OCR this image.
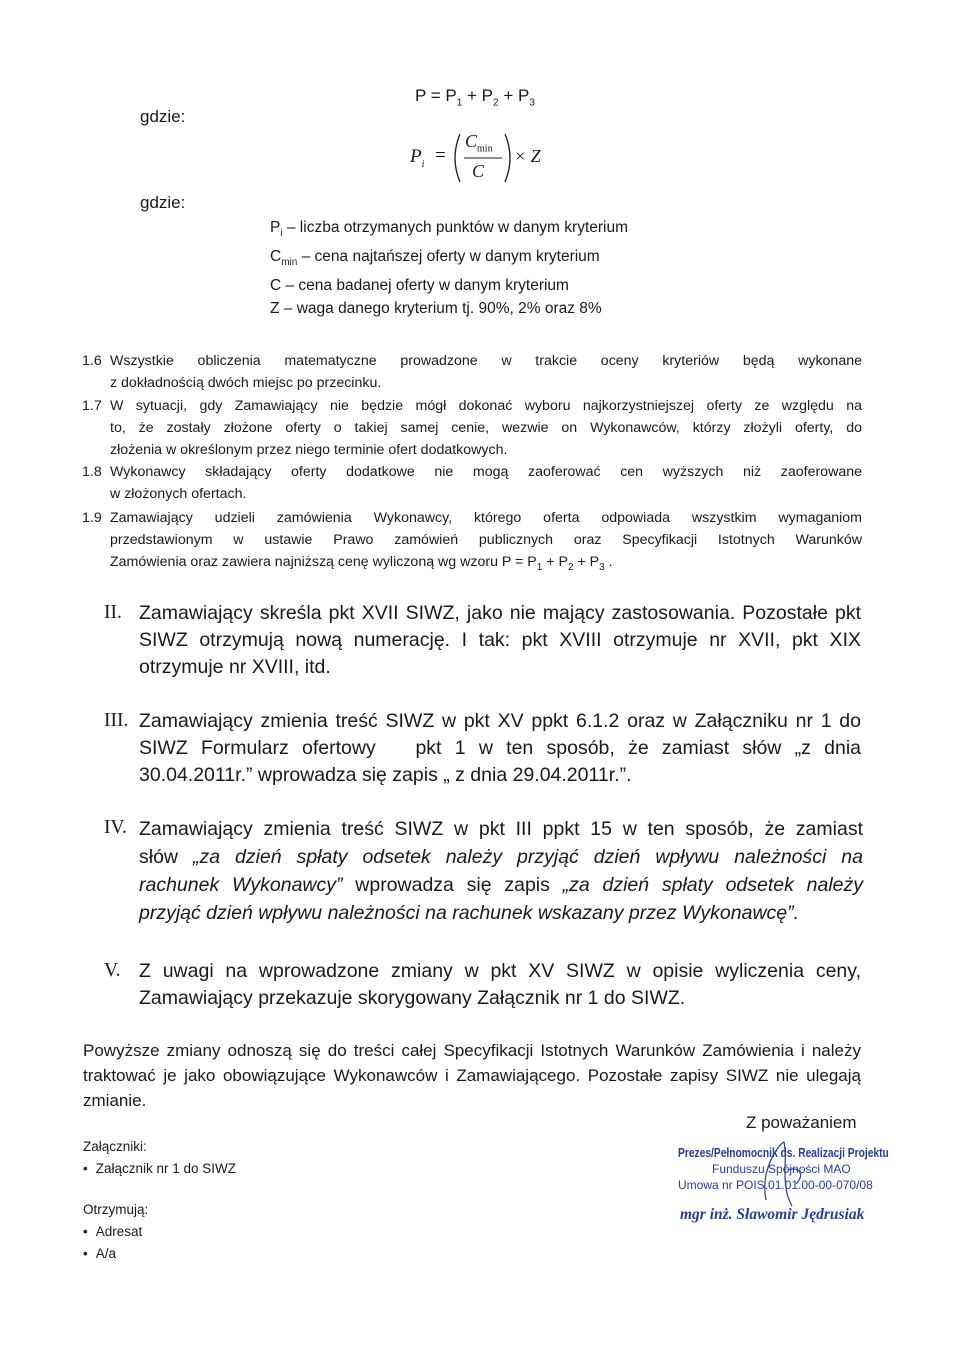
gdzie:
gdzie:
$P = P_1 + P_2 + P_3$
$P_i$ =
$C_{min}$
C
× Z
$P_i$ – liczba otrzymanych punktów w danym kryterium
$C_{min}$ – cena najtańszej oferty w danym kryterium
C – cena badanej oferty w danym kryterium
Z – waga danego kryterium tj. 90%, 2% oraz 8%
1.6 Wszystkie obliczenia matematyczne prowadzone w trakcie oceny kryteriów będą wykonane
z dokładnością dwóch miejsc po przecinku.
1.7 W sytuacji, gdy Zamawiający nie będzie mógł dokonać wyboru najkorzystniejszej oferty ze względu na
to, że zostały złożone oferty o takiej samej cenie, wezwie on Wykonawców, którzy złożyli oferty, do
złożenia w określonym przez niego terminie ofert dodatkowych.
1.8 Wykonawcy składający oferty dodatkowe nie mogą zaoferować cen wyższych niż zaoferowane
w złożonych ofertach.
1.9 Zamawiający udzieli zamówienia Wykonawcy, którego oferta odpowiada wszystkim wymaganiom
przedstawionym w ustawie Prawo zamówień publicznych oraz Specyfikacji Istotnych Warunków
Zamówienia oraz zawiera najniższą cenę wyliczoną wg wzoru $P = P_1 + P_2 + P_3$ .
II. Zamawiający skreśla pkt XVII SIWZ, jako nie mający zastosowania. Pozostałe pkt
SIWZ otrzymują nową numerację. I tak: pkt XVIII otrzymuje nr XVII, pkt XIX
otrzymuje nr XVIII, itd.
III. Zamawiający zmienia treść SIWZ w pkt XV ppkt 6.1.2 oraz w Załączniku nr 1 do
SIWZ Formularz ofertowy   pkt 1 w ten sposób, że zamiast słów „z dnia
30.04.2011r.” wprowadza się zapis „ z dnia 29.04.2011r.”.
IV. Zamawiający zmienia treść SIWZ w pkt III ppkt 15 w ten sposób, że zamiast
słów „za dzień spłaty odsetek należy przyjąć dzień wpływu należności na
rachunek Wykonawcy” wprowadza się zapis „za dzień spłaty odsetek należy
przyjąć dzień wpływu należności na rachunek wskazany przez Wykonawcę”.
V. Z uwagi na wprowadzone zmiany w pkt XV SIWZ w opisie wyliczenia ceny,
Zamawiający przekazuje skorygowany Załącznik nr 1 do SIWZ.
Powyższe zmiany odnoszą się do treści całej Specyfikacji Istotnych Warunków Zamówienia i należy
traktować je jako obowiązujące Wykonawców i Zamawiającego. Pozostałe zapisy SIWZ nie ulegają
zmianie.
Z poważaniem
Załączniki:
• Załącznik nr 1 do SIWZ
Otrzymują:
• Adresat
• A/a
Prezes/Pełnomocnik ds. Realizacji Projektu
Funduszu Spójności MAO
Umowa nr POIS.01.01.00-00-070/08
mgr inż. Sławomir Jędrusiak
